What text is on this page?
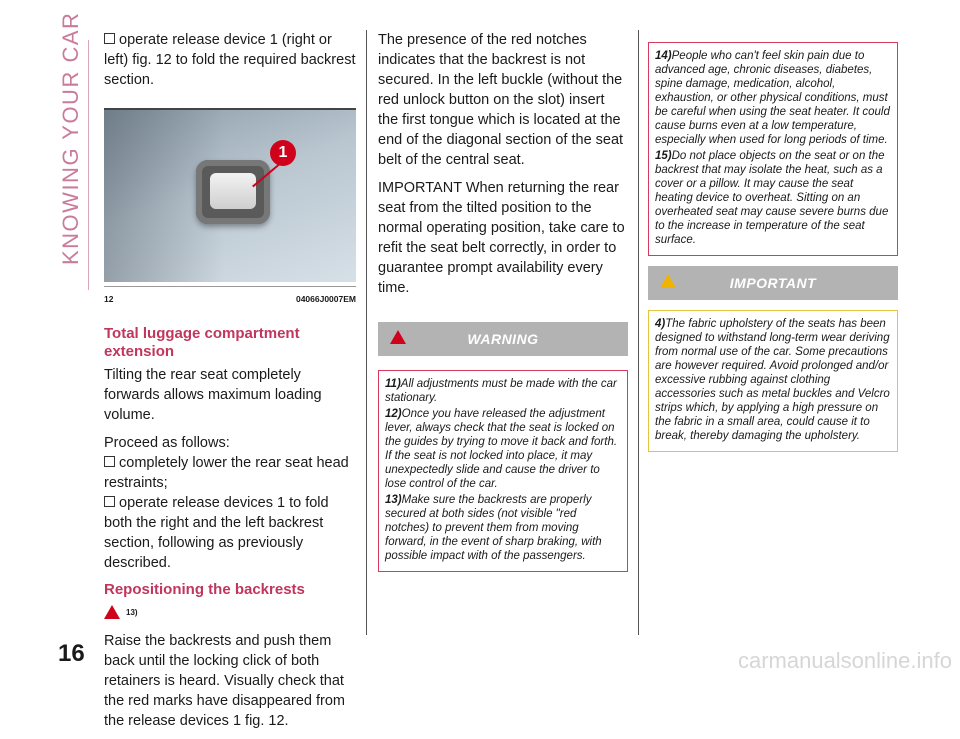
KNOWING YOUR CAR	operate release device 1 (right or left) fig. 12 to fold the required backrest section.

1
12	04066J0007EM
Total luggage compartment extension

Tilting the rear seat completely forwards allows maximum loading volume.

Proceed as follows:

completely lower the rear seat head restraints;

operate release devices 1 to fold both the right and the left backrest section, following as previously described.

Repositioning the backrests

$^{13)}$

Raise the backrests and push them back until the locking click of both retainers is heard. Visually check that the red marks have disappeared from the release devices 1 fig. 12.

The presence of the red notches indicates that the backrest is not secured. In the left buckle (without the red unlock button on the slot) insert the first tongue which is located at the end of the diagonal section of the seat belt of the central seat.

IMPORTANT When returning the rear seat from the tilted position to the normal operating position, take care to refit the seat belt correctly, in order to guarantee prompt availability every time.

WARNING
11)All adjustments must be made with the car stationary.
12)Once you have released the adjustment lever, always check that the seat is locked on the guides by trying to move it back and forth. If the seat is not locked into place, it may unexpectedly slide and cause the driver to lose control of the car.
13)Make sure the backrests are properly secured at both sides (not visible "red notches) to prevent them from moving forward, in the event of sharp braking, with possible impact with of the passengers.
14)People who can't feel skin pain due to advanced age, chronic diseases, diabetes, spine damage, medication, alcohol, exhaustion, or other physical conditions, must be careful when using the seat heater. It could cause burns even at a low temperature, especially when used for long periods of time.
15)Do not place objects on the seat or on the backrest that may isolate the heat, such as a cover or a pillow. It may cause the seat heating device to overheat. Sitting on an overheated seat may cause severe burns due to the increase in temperature of the seat surface.
IMPORTANT
4)The fabric upholstery of the seats has been designed to withstand long-term wear deriving from normal use of the car. Some precautions are however required. Avoid prolonged and/or excessive rubbing against clothing accessories such as metal buckles and Velcro strips which, by applying a high pressure on the fabric in a small area, could cause it to break, thereby damaging the upholstery.
16	carmanualsonline.info
